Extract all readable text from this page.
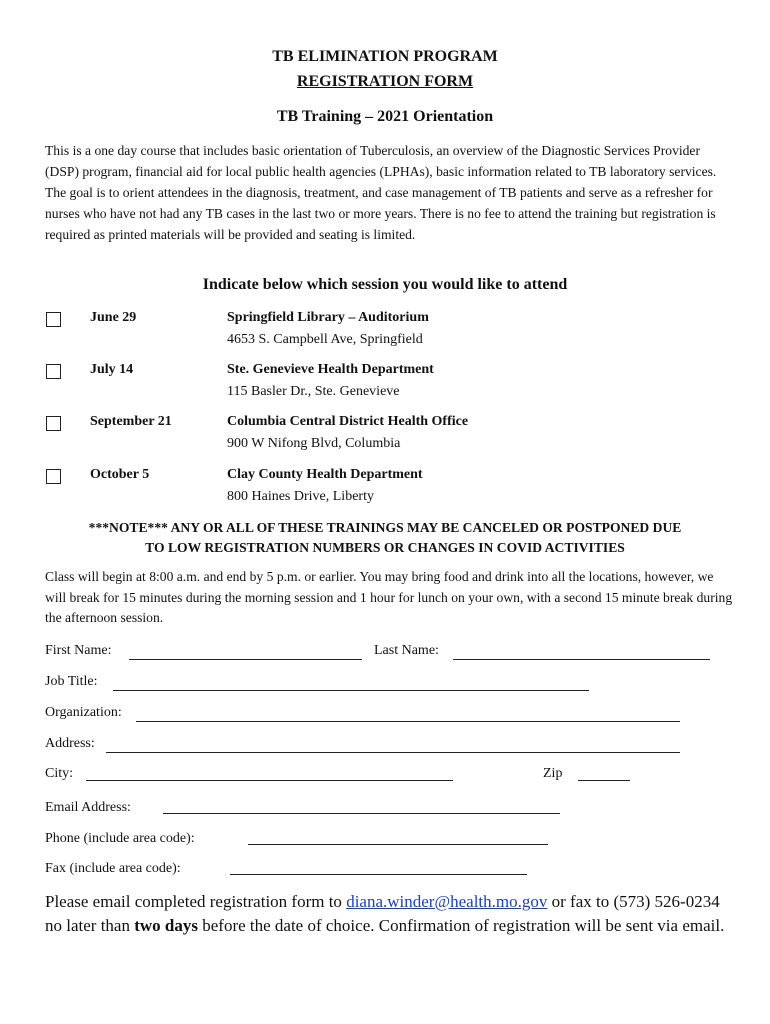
TB ELIMINATION PROGRAM
REGISTRATION FORM
TB Training – 2021 Orientation
This is a one day course that includes basic orientation of Tuberculosis, an overview of the Diagnostic Services Provider (DSP) program, financial aid for local public health agencies (LPHAs), basic information related to TB laboratory services. The goal is to orient attendees in the diagnosis, treatment, and case management of TB patients and serve as a refresher for nurses who have not had any TB cases in the last two or more years. There is no fee to attend the training but registration is required as printed materials will be provided and seating is limited.
Indicate below which session you would like to attend
June 29	Springfield Library – Auditorium
4653 S. Campbell Ave, Springfield
July 14	Ste. Genevieve Health Department
115 Basler Dr., Ste. Genevieve
September 21	Columbia Central District Health Office
900 W Nifong Blvd, Columbia
October 5	Clay County Health Department
800 Haines Drive, Liberty
***NOTE*** ANY OR ALL OF THESE TRAININGS MAY BE CANCELED OR POSTPONED DUE
TO LOW REGISTRATION NUMBERS OR CHANGES IN COVID ACTIVITIES
Class will begin at 8:00 a.m. and end by 5 p.m. or earlier. You may bring food and drink into all the locations, however, we will break for 15 minutes during the morning session and 1 hour for lunch on your own, with a second 15 minute break during the afternoon session.
First Name:	Last Name:
Job Title:
Organization:
Address:
City:	Zip
Email Address:
Phone (include area code):
Fax (include area code):
Please email completed registration form to diana.winder@health.mo.gov or fax to (573) 526-0234 no later than two days before the date of choice. Confirmation of registration will be sent via email.
